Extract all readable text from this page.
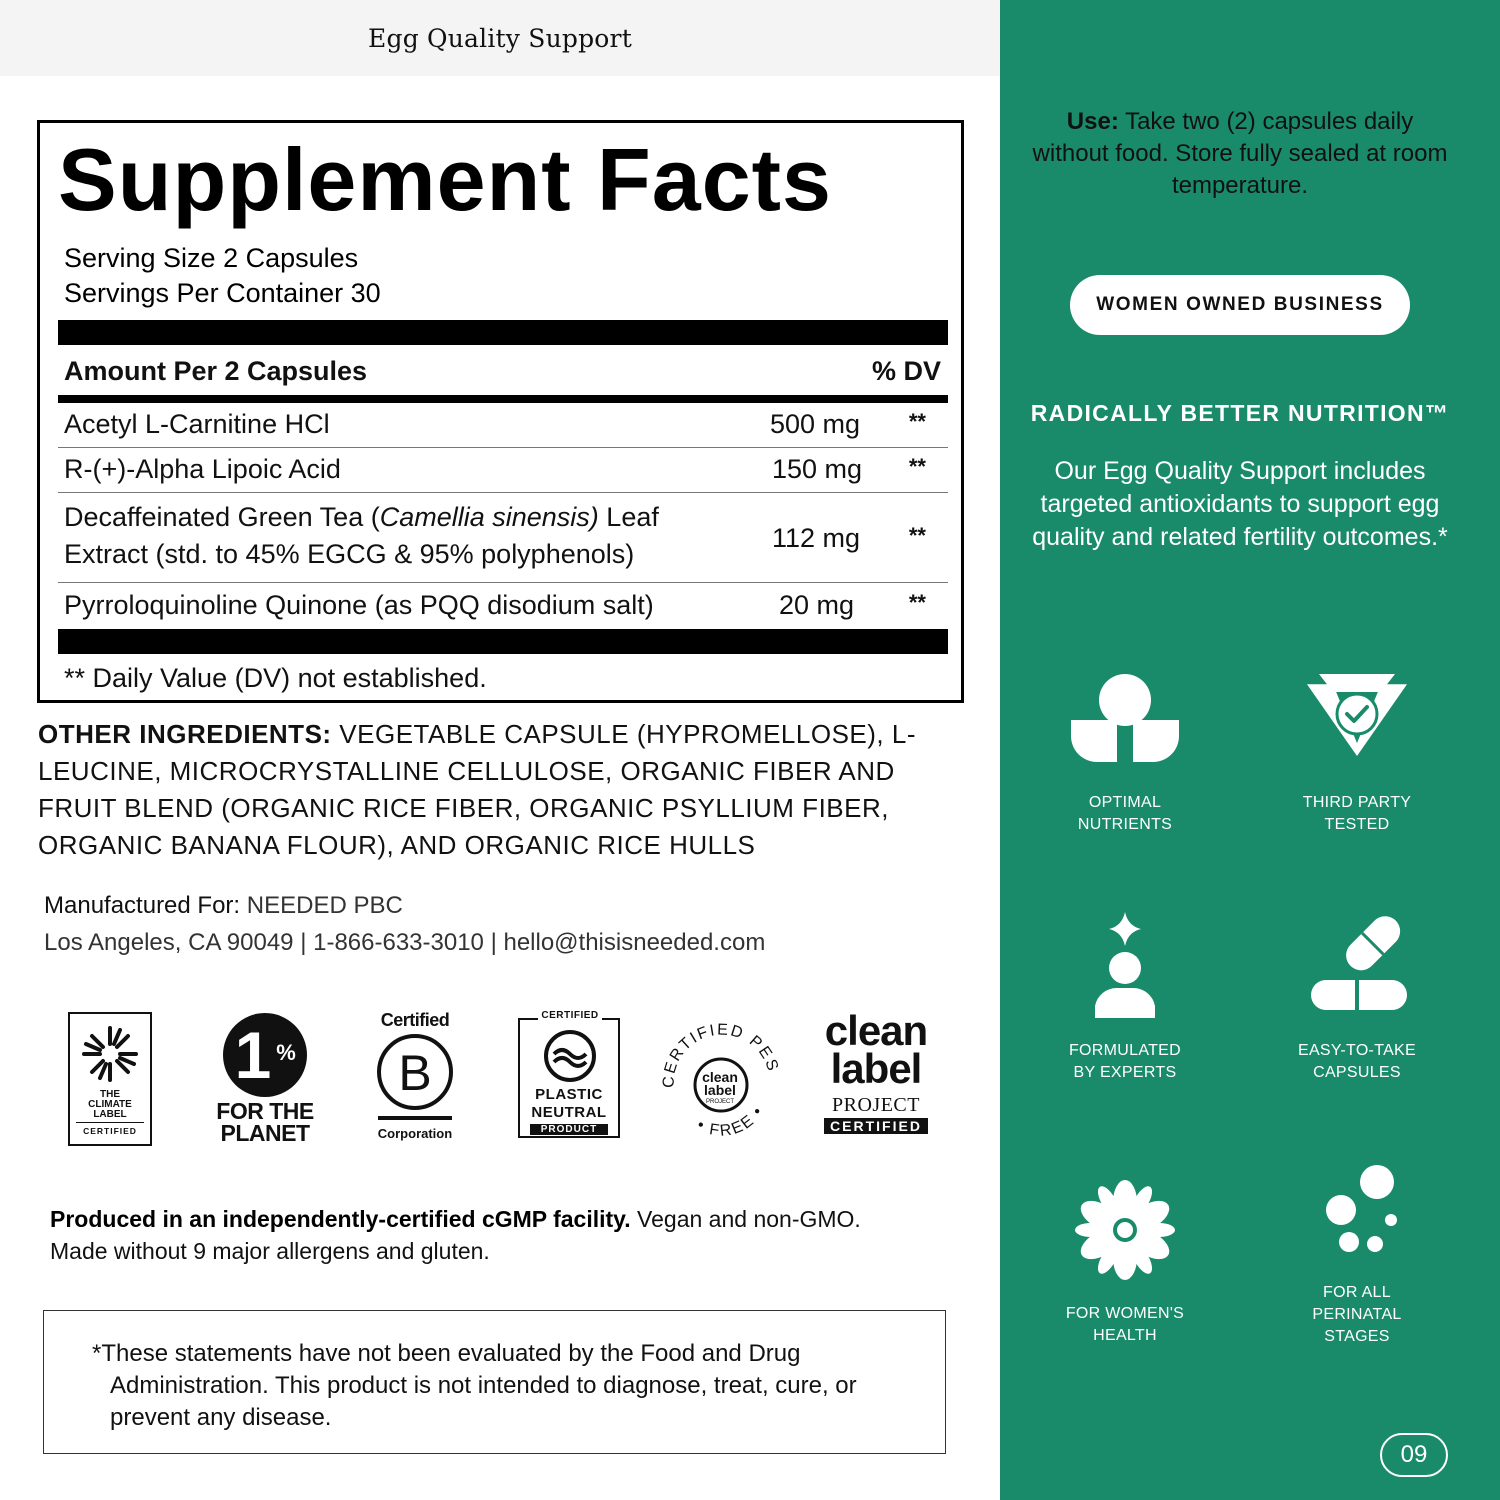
Egg Quality Support
Supplement Facts
Serving Size 2 Capsules
Servings Per Container 30
Amount Per 2 Capsules	% DV
Acetyl L-Carnitine HCl	500 mg	**
R-(+)-Alpha Lipoic Acid	150 mg	**
Decaffeinated Green Tea (Camellia sinensis) Leaf
Extract (std. to 45% EGCG & 95% polyphenols)
112 mg	**
Pyrroloquinoline Quinone (as PQQ disodium salt)	20 mg	**
** Daily Value (DV) not established.
OTHER INGREDIENTS: VEGETABLE CAPSULE (HYPROMELLOSE), L-LEUCINE, MICROCRYSTALLINE CELLULOSE, ORGANIC FIBER AND FRUIT BLEND (ORGANIC RICE FIBER, ORGANIC PSYLLIUM FIBER, ORGANIC BANANA FLOUR), AND ORGANIC RICE HULLS
Manufactured For: NEEDED PBC
Los Angeles, CA 90049 | 1-866-633-3010 | hello@thisisneeded.com
THE
CLIMATE
LABEL
CERTIFIED
1 %
FOR THE
PLANET
Certified
B
Corporation
CERTIFIED
PLASTIC
NEUTRAL
PRODUCT
CERTIFIED PES
• FREE •
clean
label
PROJECT
clean
label
PROJECT
CERTIFIED
Produced in an independently-certified cGMP facility. Vegan and non-GMO.
Made without 9 major allergens and gluten.

*These statements have not been evaluated by the Food and Drug Administration. This product is not intended to diagnose, treat, cure, or prevent any disease.

Use: Take two (2) capsules daily without food. Store fully sealed at room temperature.
WOMEN OWNED BUSINESS
RADICALLY BETTER NUTRITION™
Our Egg Quality Support includes targeted antioxidants to support egg quality and related fertility outcomes.*
OPTIMAL
NUTRIENTS
THIRD PARTY
TESTED
FORMULATED
BY EXPERTS
EASY-TO-TAKE
CAPSULES
FOR WOMEN'S
HEALTH
FOR ALL
PERINATAL
STAGES
09
